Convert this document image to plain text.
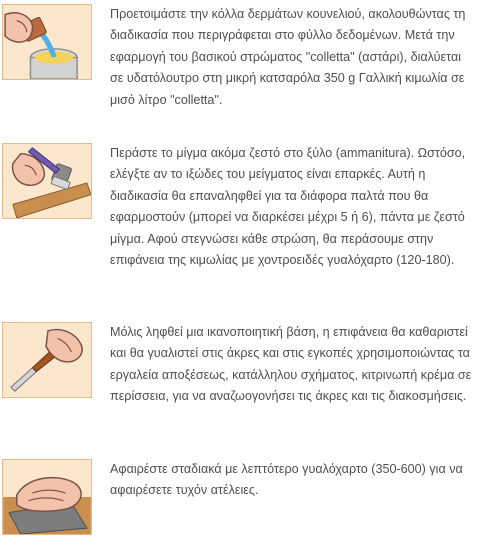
Προετοιμάστε την κόλλα δερμάτων κουνελιού, ακολουθώντας τη διαδικασία που περιγράφεται στο φύλλο δεδομένων. Μετά την εφαρμογή του βασικού στρώματος "colletta" (αστάρι), διαλύεται σε υδατόλουτρο στη μικρή κατσαρόλα 350 g Γαλλική κιμωλία σε μισό λίτρο "colletta".

Περάστε το μίγμα ακόμα ζεστό στο ξύλο (ammanitura). Ωστόσο, ελέγξτε αν το ιξώδες του μείγματος είναι επαρκές. Αυτή η διαδικασία θα επαναληφθεί για τα διάφορα παλτά που θα εφαρμοστούν (μπορεί να διαρκέσει μέχρι 5 ή 6), πάντα με ζεστό μίγμα. Αφού στεγνώσει κάθε στρώση, θα περάσουμε στην επιφάνεια της κιμωλίας με χοντροειδές γυαλόχαρτο (120-180).

Μόλις ληφθεί μια ικανοποιητική βάση, η επιφάνεια θα καθαριστεί και θα γυαλιστεί στις άκρες και στις εγκοπές χρησιμοποιώντας τα εργαλεία αποξέσεως, κατάλληλου σχήματος, κιτρινωπή κρέμα σε περίσσεια, για να αναζωογονήσει τις άκρες και τις διακοσμήσεις.

Αφαιρέστε σταδιακά με λεπτότερο γυαλόχαρτο (350-600) για να αφαιρέσετε τυχόν ατέλειες.
